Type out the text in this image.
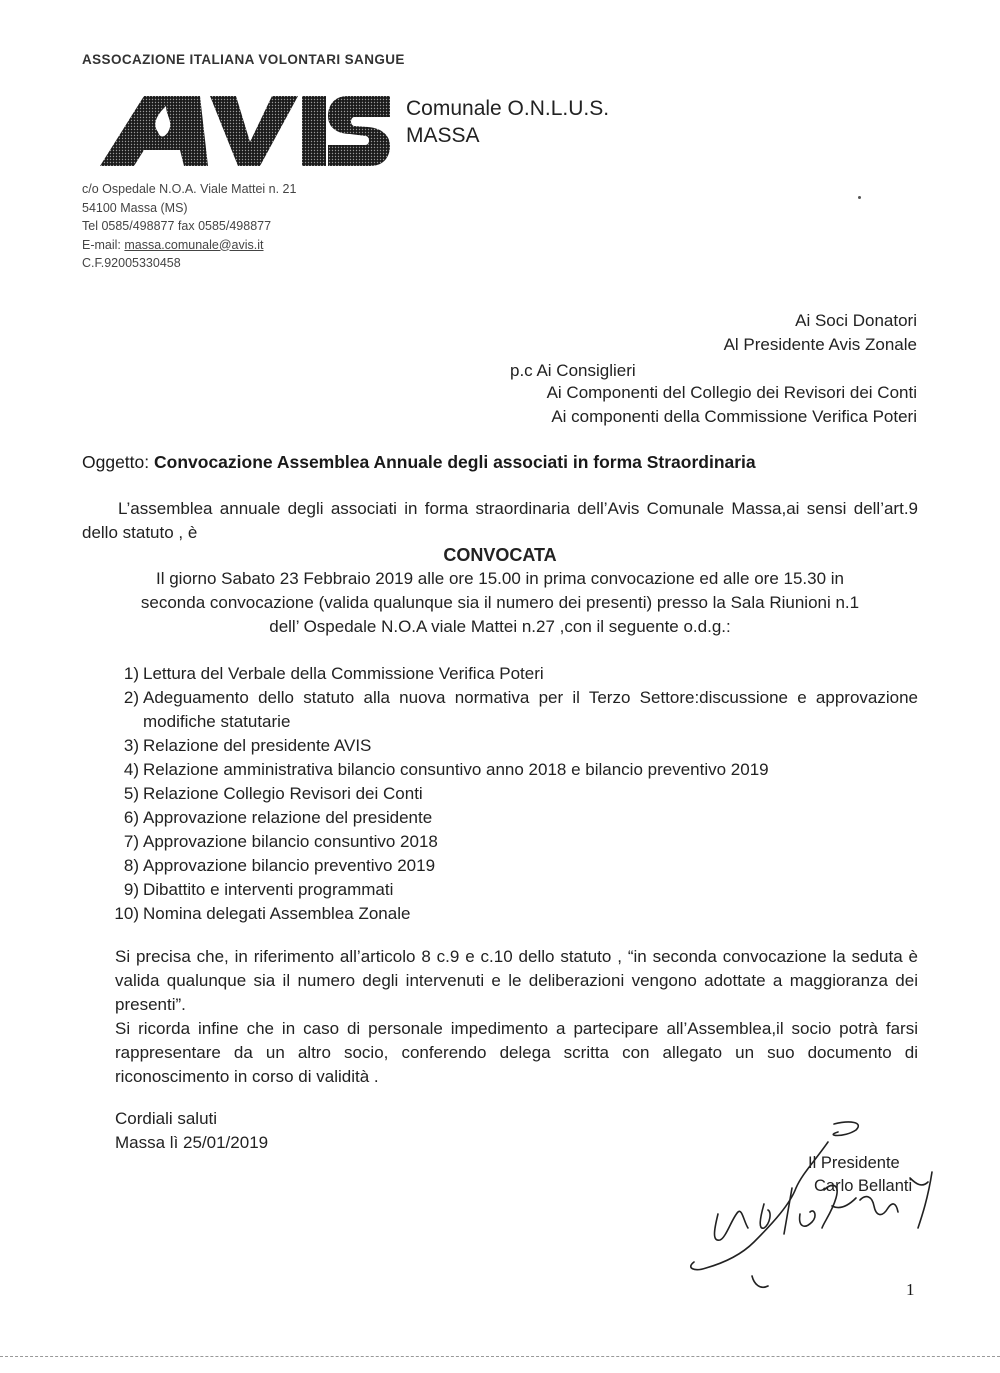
ASSOCAZIONE ITALIANA VOLONTARI SANGUE
Comunale O.N.L.U.S.
MASSA
c/o Ospedale N.O.A. Viale Mattei n. 21
54100 Massa (MS)
Tel 0585/498877 fax 0585/498877
E-mail: massa.comunale@avis.it
C.F.92005330458
Ai Soci Donatori
Al Presidente Avis Zonale
p.c Ai Consiglieri
Ai Componenti del Collegio dei Revisori dei Conti
Ai componenti della Commissione Verifica Poteri
Oggetto: Convocazione Assemblea Annuale degli associati in forma Straordinaria
L’assemblea annuale degli associati in forma straordinaria dell’Avis Comunale Massa,ai sensi dell’art.9 dello statuto , è
CONVOCATA
Il giorno Sabato 23 Febbraio 2019 alle ore 15.00 in prima convocazione ed alle ore 15.30 in
seconda convocazione (valida qualunque sia il numero dei presenti) presso la Sala Riunioni n.1
dell’ Ospedale N.O.A viale Mattei n.27 ,con il seguente o.d.g.:
1) Lettura del Verbale della Commissione Verifica Poteri
2) Adeguamento dello statuto alla nuova normativa per il Terzo Settore:discussione e approvazione modifiche statutarie
3) Relazione del presidente AVIS
4) Relazione amministrativa bilancio consuntivo anno 2018 e bilancio preventivo 2019
5) Relazione Collegio Revisori dei Conti
6) Approvazione relazione del presidente
7) Approvazione bilancio consuntivo 2018
8) Approvazione bilancio preventivo 2019
9) Dibattito e interventi programmati
10) Nomina delegati Assemblea Zonale

Si precisa che, in riferimento all’articolo 8 c.9 e c.10 dello statuto , “in seconda convocazione la seduta è valida qualunque sia il numero degli intervenuti e le deliberazioni vengono adottate a maggioranza dei presenti”.

Si ricorda infine che in caso di personale impedimento a partecipare all’Assemblea,il socio potrà farsi rappresentare da un altro socio, conferendo delega scritta con allegato un suo documento di riconoscimento in corso di validità .

Cordiali saluti
Massa lì 25/01/2019
Il Presidente
Carlo Bellanti
1
